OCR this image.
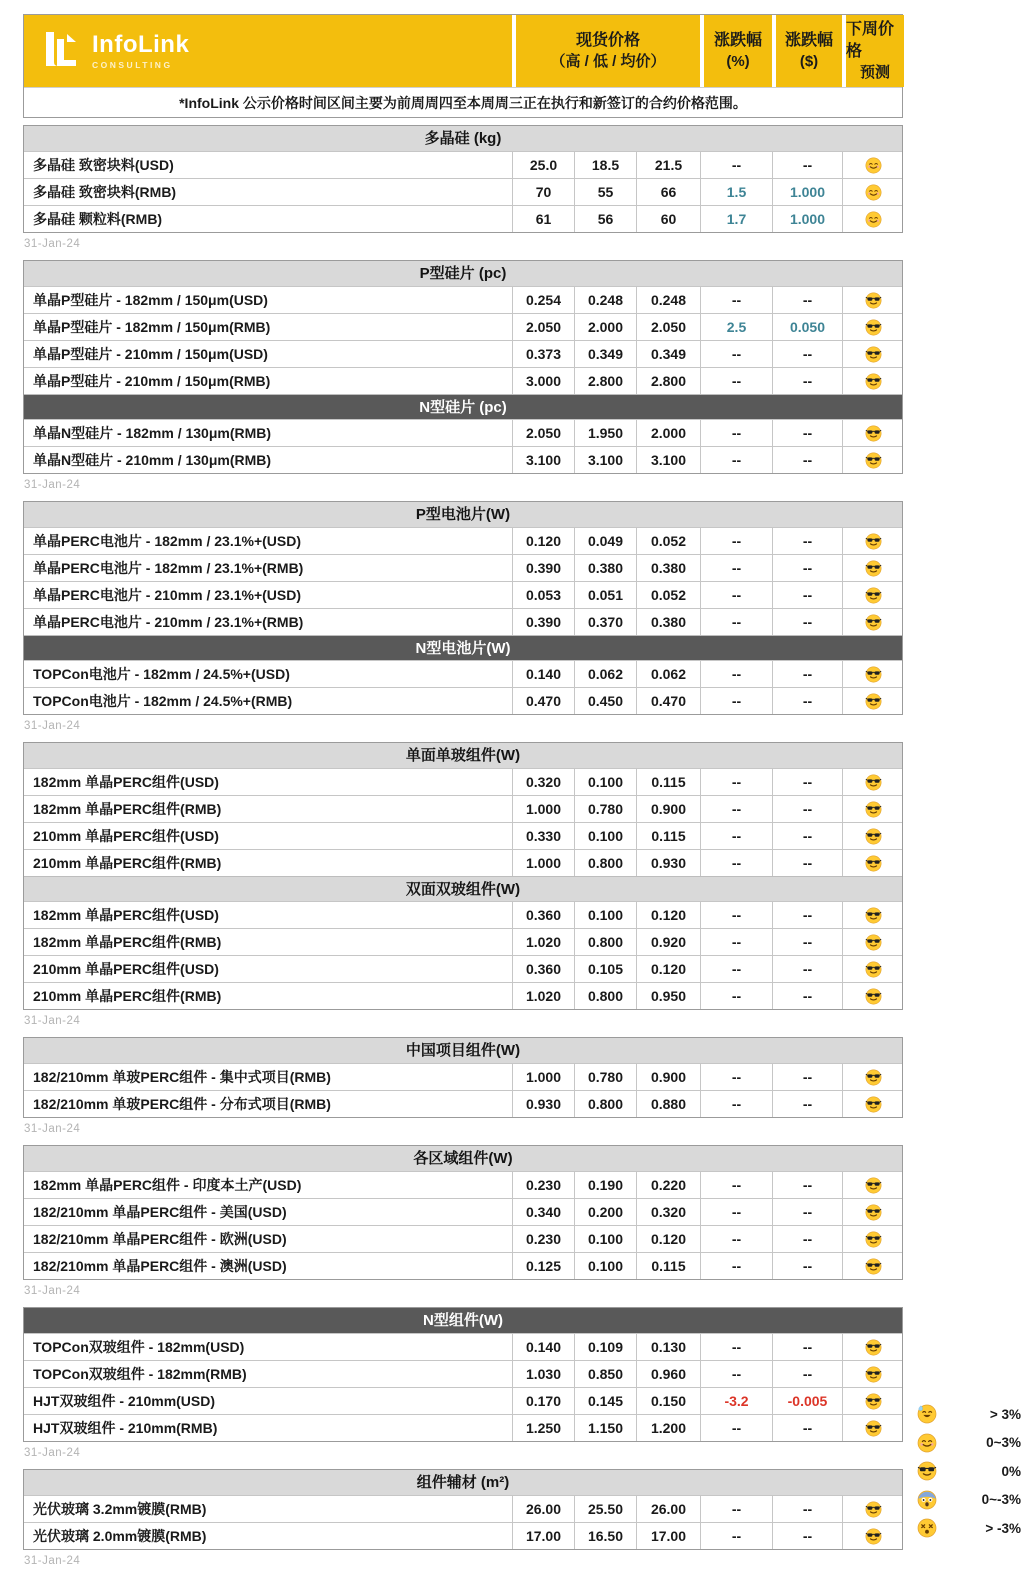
InfoLink
CONSULTING
现货价格
（高 / 低 / 均价）
涨跌幅
(%)
涨跌幅
($)
下周价格
预测
*InfoLink 公示价格时间区间主要为前周周四至本周周三正在执行和新签订的合约价格范围。
多晶硅 (kg)
多晶硅 致密块料(USD)	25.0	18.5	21.5	--	--
多晶硅 致密块料(RMB)	70	55	66	1.5	1.000
多晶硅 颗粒料(RMB)	61	56	60	1.7	1.000
31-Jan-24
P型硅片 (pc)
单晶P型硅片 - 182mm / 150μm(USD)	0.254	0.248	0.248	--	--
单晶P型硅片 - 182mm / 150μm(RMB)	2.050	2.000	2.050	2.5	0.050
单晶P型硅片 - 210mm / 150μm(USD)	0.373	0.349	0.349	--	--
单晶P型硅片 - 210mm / 150μm(RMB)	3.000	2.800	2.800	--	--
N型硅片 (pc)
单晶N型硅片 - 182mm / 130μm(RMB)	2.050	1.950	2.000	--	--
单晶N型硅片 - 210mm / 130μm(RMB)	3.100	3.100	3.100	--	--
31-Jan-24
P型电池片(W)
单晶PERC电池片 - 182mm / 23.1%+(USD)	0.120	0.049	0.052	--	--
单晶PERC电池片 - 182mm / 23.1%+(RMB)	0.390	0.380	0.380	--	--
单晶PERC电池片 - 210mm / 23.1%+(USD)	0.053	0.051	0.052	--	--
单晶PERC电池片 - 210mm / 23.1%+(RMB)	0.390	0.370	0.380	--	--
N型电池片(W)
TOPCon电池片 - 182mm / 24.5%+(USD)	0.140	0.062	0.062	--	--
TOPCon电池片 - 182mm / 24.5%+(RMB)	0.470	0.450	0.470	--	--
31-Jan-24
单面单玻组件(W)
182mm 单晶PERC组件(USD)	0.320	0.100	0.115	--	--
182mm 单晶PERC组件(RMB)	1.000	0.780	0.900	--	--
210mm 单晶PERC组件(USD)	0.330	0.100	0.115	--	--
210mm 单晶PERC组件(RMB)	1.000	0.800	0.930	--	--
双面双玻组件(W)
182mm 单晶PERC组件(USD)	0.360	0.100	0.120	--	--
182mm 单晶PERC组件(RMB)	1.020	0.800	0.920	--	--
210mm 单晶PERC组件(USD)	0.360	0.105	0.120	--	--
210mm 单晶PERC组件(RMB)	1.020	0.800	0.950	--	--
31-Jan-24
中国项目组件(W)
182/210mm 单玻PERC组件 - 集中式项目(RMB)	1.000	0.780	0.900	--	--
182/210mm 单玻PERC组件 - 分布式项目(RMB)	0.930	0.800	0.880	--	--
31-Jan-24
各区域组件(W)
182mm 单晶PERC组件 - 印度本土产(USD)	0.230	0.190	0.220	--	--
182/210mm 单晶PERC组件 - 美国(USD)	0.340	0.200	0.320	--	--
182/210mm 单晶PERC组件 - 欧洲(USD)	0.230	0.100	0.120	--	--
182/210mm 单晶PERC组件 - 澳洲(USD)	0.125	0.100	0.115	--	--
31-Jan-24
N型组件(W)
TOPCon双玻组件 - 182mm(USD)	0.140	0.109	0.130	--	--
TOPCon双玻组件 - 182mm(RMB)	1.030	0.850	0.960	--	--
HJT双玻组件 - 210mm(USD)	0.170	0.145	0.150	-3.2	-0.005
HJT双玻组件 - 210mm(RMB)	1.250	1.150	1.200	--	--
31-Jan-24
组件辅材 (m²)
光伏玻璃 3.2mm镀膜(RMB)	26.00	25.50	26.00	--	--
光伏玻璃 2.0mm镀膜(RMB)	17.00	16.50	17.00	--	--
31-Jan-24
> 3%
0~3%
0%
0~-3%
> -3%
